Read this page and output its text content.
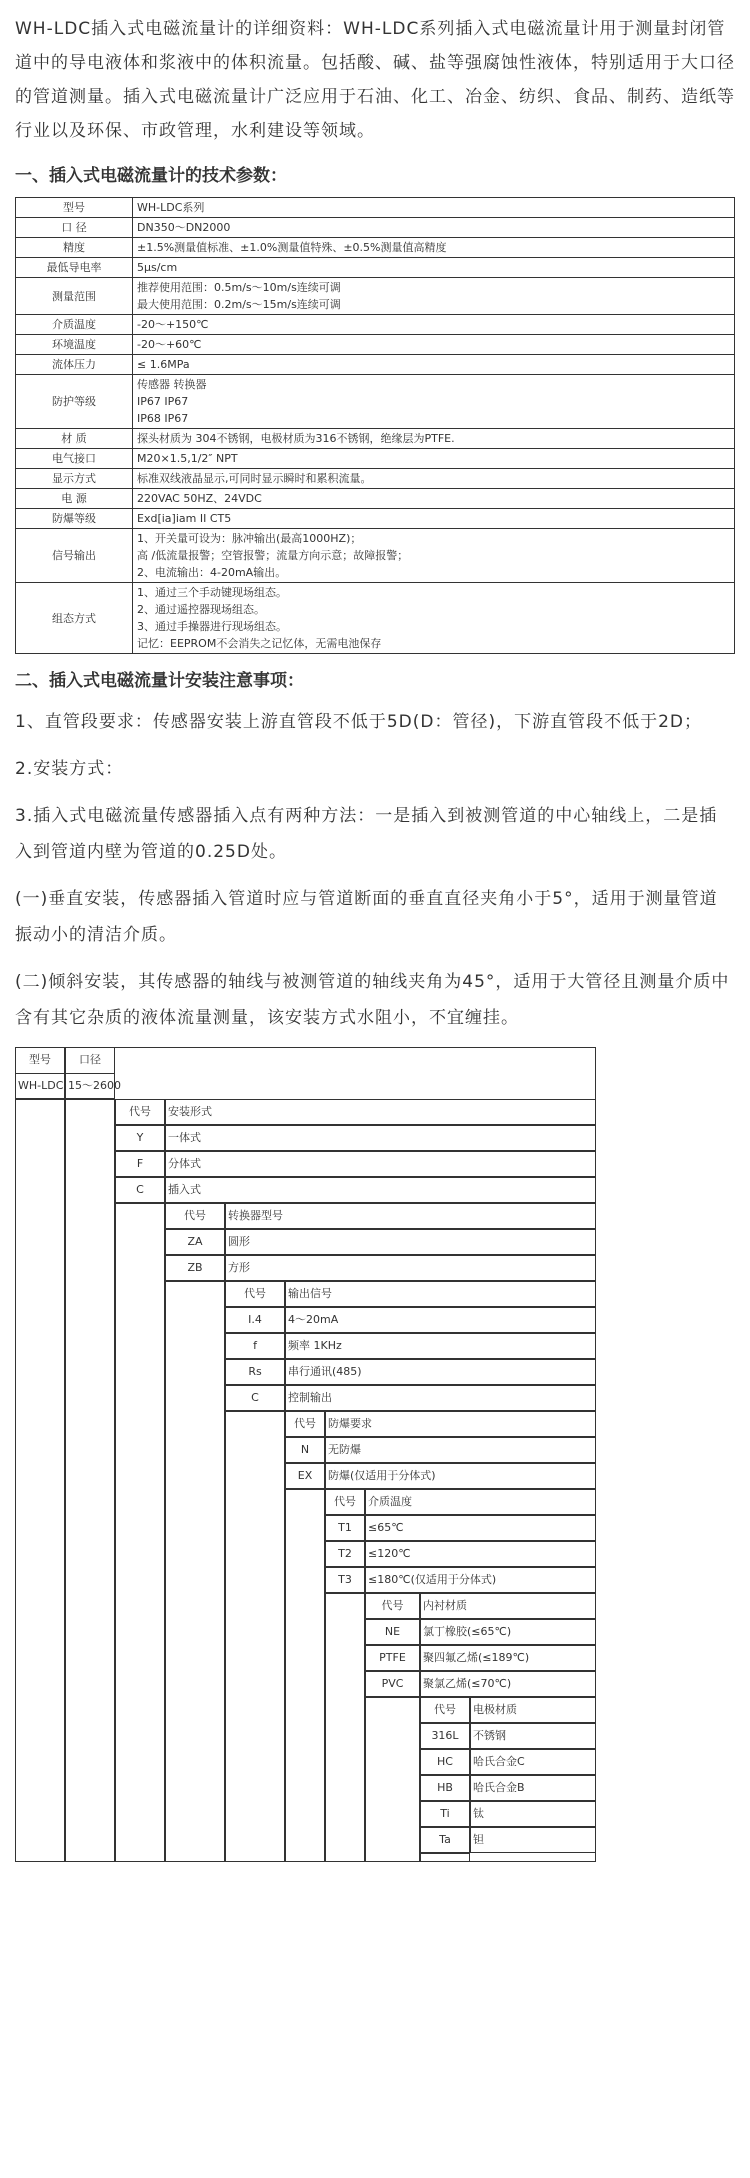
WH-LDC插入式电磁流量计的详细资料：WH-LDC系列插入式电磁流量计用于测量封闭管道中的导电液体和浆液中的体积流量。包括酸、碱、盐等强腐蚀性液体，特别适用于大口径的管道测量。插入式电磁流量计广泛应用于石油、化工、冶金、纺织、食品、制药、造纸等行业以及环保、市政管理，水利建设等领域。

一、插入式电磁流量计的技术参数：
型号	WH-LDC系列

口 径	DN350～DN2000

精度	±1.5%测量值标准、±1.0%测量值特殊、±0.5%测量值高精度

最低导电率	5μs/cm

测量范围	推荐使用范围：0.5m/s～10m/s连续可调
最大使用范围：0.2m/s～15m/s连续可调

介质温度	-20～+150℃

环境温度	-20～+60℃

流体压力	≤ 1.6MPa

防护等级	传感器 转换器
IP67 IP67
IP68 IP67

材 质	探头材质为 304不锈钢，电极材质为316不锈钢，绝缘层为PTFE.

电气接口	M20×1.5,1/2″ NPT

显示方式	标准双线液晶显示,可同时显示瞬时和累积流量。

电 源	220VAC 50HZ、24VDC

防爆等级	Exd[ia]iam II CT5

信号输出	1、开关量可设为：脉冲输出(最高1000HZ)；
高 /低流量报警；空管报警；流量方向示意；故障报警；
2、电流输出：4-20mA输出。

组态方式	1、通过三个手动键现场组态。
2、通过遥控器现场组态。
3、通过手操器进行现场组态。
记忆：EEPROM不会消失之记忆体，无需电池保存
二、插入式电磁流量计安装注意事项：

1、直管段要求：传感器安装上游直管段不低于5D(D：管径)，下游直管段不低于2D；

2.安装方式：

3.插入式电磁流量传感器插入点有两种方法：一是插入到被测管道的中心轴线上，二是插入到管道内壁为管道的0.25D处。

(一)垂直安装，传感器插入管道时应与管道断面的垂直直径夹角小于5°，适用于测量管道振动小的清洁介质。

(二)倾斜安装，其传感器的轴线与被测管道的轴线夹角为45°，适用于大管径且测量介质中含有其它杂质的液体流量测量，该安装方式水阻小，不宜缠挂。

型号	口径
WH-LDC 15～2600
代号	安装形式
Y	一体式
F	分体式
C	插入式
代号	转换器型号
ZA	圆形
ZB	方形
代号	输出信号
I.4	4～20mA
f	频率 1KHz
Rs	串行通讯(485)
C	控制输出
代号	防爆要求
N	无防爆
EX	防爆(仅适用于分体式)
代号	介质温度
T1	≤65℃
T2	≤120℃
T3	≤180℃(仅适用于分体式)
代号	内衬材质
NE	氯丁橡胶(≤65℃)
PTFE	聚四氟乙烯(≤189℃)
PVC	聚氯乙烯(≤70℃)
代号	电极材质
316L	不锈钢
HC	哈氏合金C
HB	哈氏合金B
Ti	钛
Ta	钽
